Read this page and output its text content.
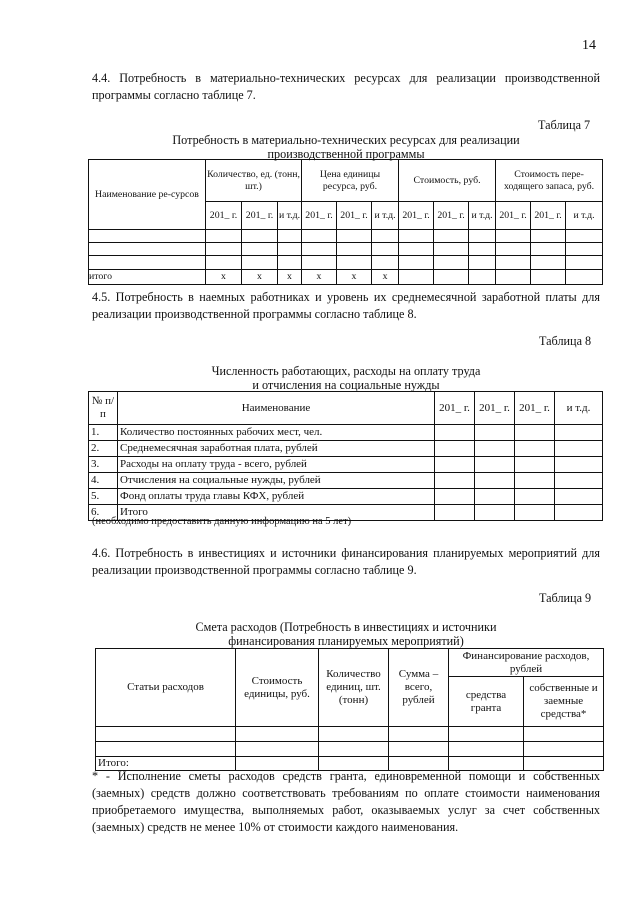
14

4.4. Потребность в материально-технических ресурсах для реализации производственной программы согласно таблице 7.

Таблица 7
Потребность в материально-технических ресурсах для реализации
производственной программы
Наименование ре-сурсов	Количество, ед. (тонн, шт.)			Цена единицы ресурса, руб.			Стоимость, руб.			Стоимость пере-ходящего запаса, руб.		
	201_ г.	201_ г.	и т.д.	201_ г.	201_ г.	и т.д.	201_ г.	201_ г.	и т.д.	201_ г.	201_ г.	и т.д.

итого	x	x	x	x	x	x						

4.5. Потребность в наемных работниках и уровень их среднемесячной заработной платы для реализации производственной программы согласно таблице 8.

Таблица 8
Численность работающих, расходы на оплату труда
и отчисления на социальные нужды
№ п/п	Наименование	201_ г.	201_ г.	201_ г.	и т.д.
1.	Количество постоянных рабочих мест, чел.				
2.	Среднемесячная заработная плата, рублей				
3.	Расходы на оплату труда - всего, рублей				
4.	Отчисления на социальные нужды, рублей				
5.	Фонд оплаты труда главы КФХ, рублей				
6.	Итого				
(необходимо предоставить данную информацию на 5 лет)

4.6. Потребность в инвестициях и источники финансирования планируемых мероприятий для реализации производственной программы согласно таблице 9.

Таблица 9
Смета расходов (Потребность в инвестициях и источники
финансирования планируемых мероприятий)
Статьи расходов	Стоимость единицы, руб.	Количество единиц, шт. (тонн)	Сумма – всего, рублей	Финансирование расходов, рублей	
				средства гранта	собственные и заемные средства*

Итого:					

* - Исполнение сметы расходов средств гранта, единовременной помощи и собственных (заемных) средств должно соответствовать требованиям по оплате стоимости наименования приобретаемого имущества, выполняемых работ, оказываемых услуг за счет собственных (заемных) средств не менее 10% от стоимости каждого наименования.
